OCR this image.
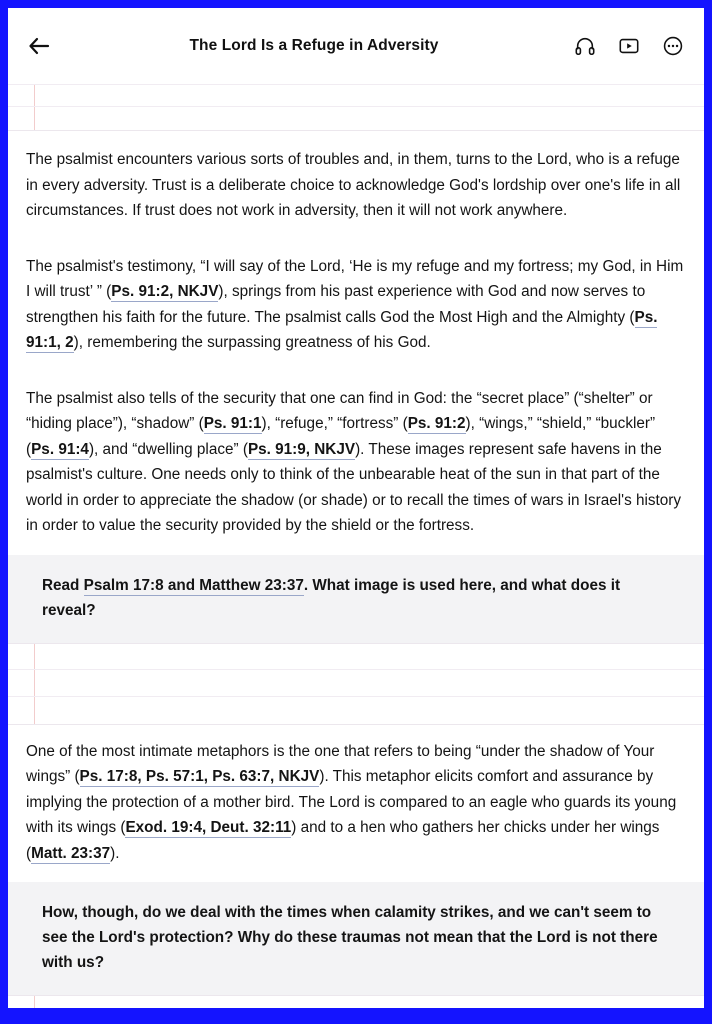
The Lord Is a Refuge in Adversity

The psalmist encounters various sorts of troubles and, in them, turns to the Lord, who is a refuge in every adversity. Trust is a deliberate choice to acknowledge God's lordship over one's life in all circumstances. If trust does not work in adversity, then it will not work anywhere.

The psalmist's testimony, “I will say of the Lord, ‘He is my refuge and my fortress; my God, in Him I will trust’ ” (Ps. 91:2, NKJV), springs from his past experience with God and now serves to strengthen his faith for the future. The psalmist calls God the Most High and the Almighty (Ps. 91:1, 2), remembering the surpassing greatness of his God.

The psalmist also tells of the security that one can find in God: the “secret place” (“shelter” or “hiding place”), “shadow” (Ps. 91:1), “refuge,” “fortress” (Ps. 91:2), “wings,” “shield,” “buckler” (Ps. 91:4), and “dwelling place” (Ps. 91:9, NKJV). These images represent safe havens in the psalmist's culture. One needs only to think of the unbearable heat of the sun in that part of the world in order to appreciate the shadow (or shade) or to recall the times of wars in Israel's history in order to value the security provided by the shield or the fortress.

Read Psalm 17:8 and Matthew 23:37. What image is used here, and what does it reveal?

One of the most intimate metaphors is the one that refers to being “under the shadow of Your wings” (Ps. 17:8, Ps. 57:1, Ps. 63:7, NKJV). This metaphor elicits comfort and assurance by implying the protection of a mother bird. The Lord is compared to an eagle who guards its young with its wings (Exod. 19:4, Deut. 32:11) and to a hen who gathers her chicks under her wings (Matt. 23:37).

How, though, do we deal with the times when calamity strikes, and we can't seem to see the Lord's protection? Why do these traumas not mean that the Lord is not there with us?
